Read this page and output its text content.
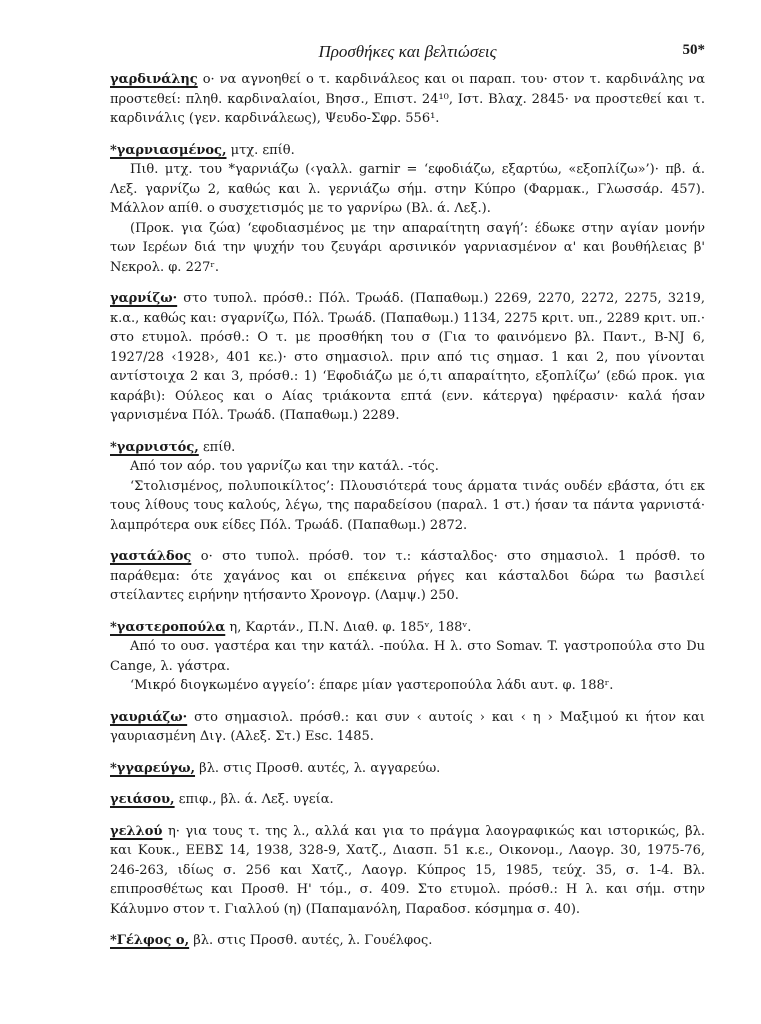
Προσθήκες και βελτιώσεις	50*

γαρδινάλης ο· να αγνοηθεί ο τ. καρδινάλεος και οι παραπ. του· στον τ. καρδινάλης να προστεθεί: πληθ. καρδιναλαίοι, Βησσ., Επιστ. 24¹⁰, Ιστ. Βλαχ. 2845· να προστεθεί και τ. καρδινάλις (γεν. καρδινάλεως), Ψευδο-Σφρ. 556¹.

*γαρνιασμένος, μτχ. επίθ.

Πιθ. μτχ. του *γαρνιάζω (‹γαλλ. garnir = ‘εφοδιάζω, εξαρτύω, «εξοπλίζω»’)· πβ. ά. Λεξ. γαρνίζω 2, καθώς και λ. γερνιάζω σήμ. στην Κύπρο (Φαρμακ., Γλωσσάρ. 457). Μάλλον απίθ. ο συσχετισμός με το γαρνίρω (Βλ. ά. Λεξ.).

(Προκ. για ζώα) ‘εφοδιασμένος με την απαραίτητη σαγή’: έδωκε στην αγίαν μονήν των Ιερέων διά την ψυχήν του ζευγάρι αρσινικόν γαρνιασμένον α' και βουθήλειας β' Νεκρολ. φ. 227ʳ.

γαρνίζω· στο τυπολ. πρόσθ.: Πόλ. Τρωάδ. (Παπαθωμ.) 2269, 2270, 2272, 2275, 3219, κ.α., καθώς και: σγαρνίζω, Πόλ. Τρωάδ. (Παπαθωμ.) 1134, 2275 κριτ. υπ., 2289 κριτ. υπ.· στο ετυμολ. πρόσθ.: Ο τ. με προσθήκη του σ (Για το φαινόμενο βλ. Παντ., Β-NJ 6, 1927/28 ‹1928›, 401 κε.)· στο σημασιολ. πριν από τις σημασ. 1 και 2, που γίνονται αντίστοιχα 2 και 3, πρόσθ.: 1) ‘Εφοδιάζω με ό,τι απαραίτητο, εξοπλίζω’ (εδώ προκ. για καράβι): Ούλεος και ο Αίας τριάκοντα επτά (ενν. κάτεργα) ηφέρασιν· καλά ήσαν γαρνισμένα Πόλ. Τρωάδ. (Παπαθωμ.) 2289.

*γαρνιστός, επίθ.

Από τον αόρ. του γαρνίζω και την κατάλ. -τός.

‘Στολισμένος, πολυποικίλτος’: Πλουσιότερά τους άρματα τινάς ουδέν εβάστα, ότι εκ τους λίθους τους καλούς, λέγω, της παραδείσου (παραλ. 1 στ.) ήσαν τα πάντα γαρνιστά· λαμπρότερα ουκ είδες Πόλ. Τρωάδ. (Παπαθωμ.) 2872.

γαστάλδος ο· στο τυπολ. πρόσθ. τον τ.: κάσταλδος· στο σημασιολ. 1 πρόσθ. το παράθεμα: ότε χαγάνος και οι επέκεινα ρήγες και κάσταλδοι δώρα τω βασιλεί στείλαντες ειρήνην ητήσαντο Χρονογρ. (Λαμψ.) 250.

*γαστεροπούλα η, Καρτάν., Π.Ν. Διαθ. φ. 185ᵛ, 188ᵛ.

Από το ουσ. γαστέρα και την κατάλ. -πούλα. Η λ. στο Somav. T. γαστροπούλα στο Du Cange, λ. γάστρα.

‘Μικρό διογκωμένο αγγείο’: έπαρε μίαν γαστεροπούλα λάδι αυτ. φ. 188ʳ.

γαυριάζω· στο σημασιολ. πρόσθ.: και συν ‹ αυτοίς › και ‹ η › Μαξιμού κι ήτον και γαυριασμένη Διγ. (Αλεξ. Στ.) Esc. 1485.

*γγαρεύγω, βλ. στις Προσθ. αυτές, λ. αγγαρεύω.

γειάσου, επιφ., βλ. ά. Λεξ. υγεία.

γελλού η· για τους τ. της λ., αλλά και για το πράγμα λαογραφικώς και ιστορικώς, βλ. και Κουκ., ΕΕΒΣ 14, 1938, 328-9, Χατζ., Διασπ. 51 κ.ε., Οικονομ., Λαογρ. 30, 1975-76, 246-263, ιδίως σ. 256 και Χατζ., Λαογρ. Κύπρος 15, 1985, τεύχ. 35, σ. 1-4. Βλ. επιπροσθέτως και Προσθ. Η' τόμ., σ. 409. Στο ετυμολ. πρόσθ.: Η λ. και σήμ. στην Κάλυμνο στον τ. Γιαλλού (η) (Παπαμανόλη, Παραδοσ. κόσμημα σ. 40).

*Γέλφος ο, βλ. στις Προσθ. αυτές, λ. Γουέλφος.
